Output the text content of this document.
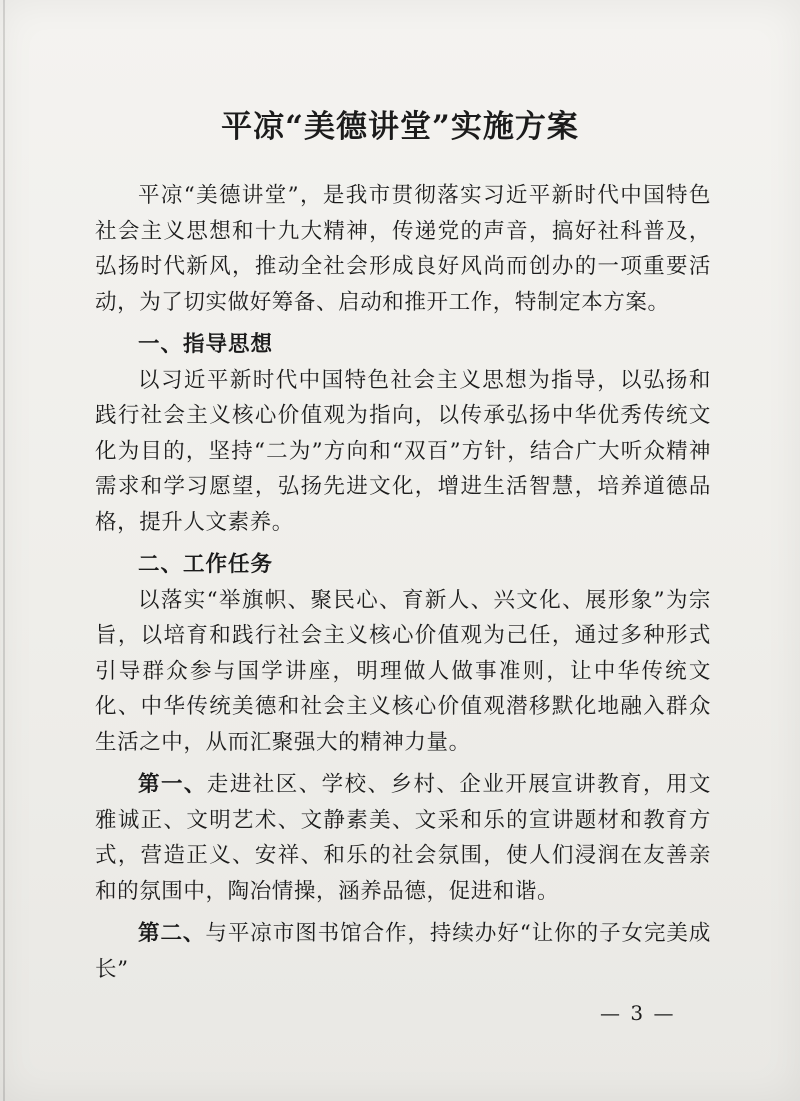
平凉“美德讲堂”实施方案

平凉“美德讲堂”，是我市贯彻落实习近平新时代中国特色社会主义思想和十九大精神，传递党的声音，搞好社科普及，弘扬时代新风，推动全社会形成良好风尚而创办的一项重要活动，为了切实做好筹备、启动和推开工作，特制定本方案。

一、指导思想

以习近平新时代中国特色社会主义思想为指导，以弘扬和践行社会主义核心价值观为指向，以传承弘扬中华优秀传统文化为目的，坚持“二为”方向和“双百”方针，结合广大听众精神需求和学习愿望，弘扬先进文化，增进生活智慧，培养道德品格，提升人文素养。

二、工作任务

以落实“举旗帜、聚民心、育新人、兴文化、展形象”为宗旨，以培育和践行社会主义核心价值观为己任，通过多种形式引导群众参与国学讲座，明理做人做事准则，让中华传统文化、中华传统美德和社会主义核心价值观潜移默化地融入群众生活之中，从而汇聚强大的精神力量。

第一、走进社区、学校、乡村、企业开展宣讲教育，用文雅诚正、文明艺术、文静素美、文采和乐的宣讲题材和教育方式，营造正义、安祥、和乐的社会氛围，使人们浸润在友善亲和的氛围中，陶冶情操，涵养品德，促进和谐。

第二、与平凉市图书馆合作，持续办好“让你的子女完美成长”

— 3 —
